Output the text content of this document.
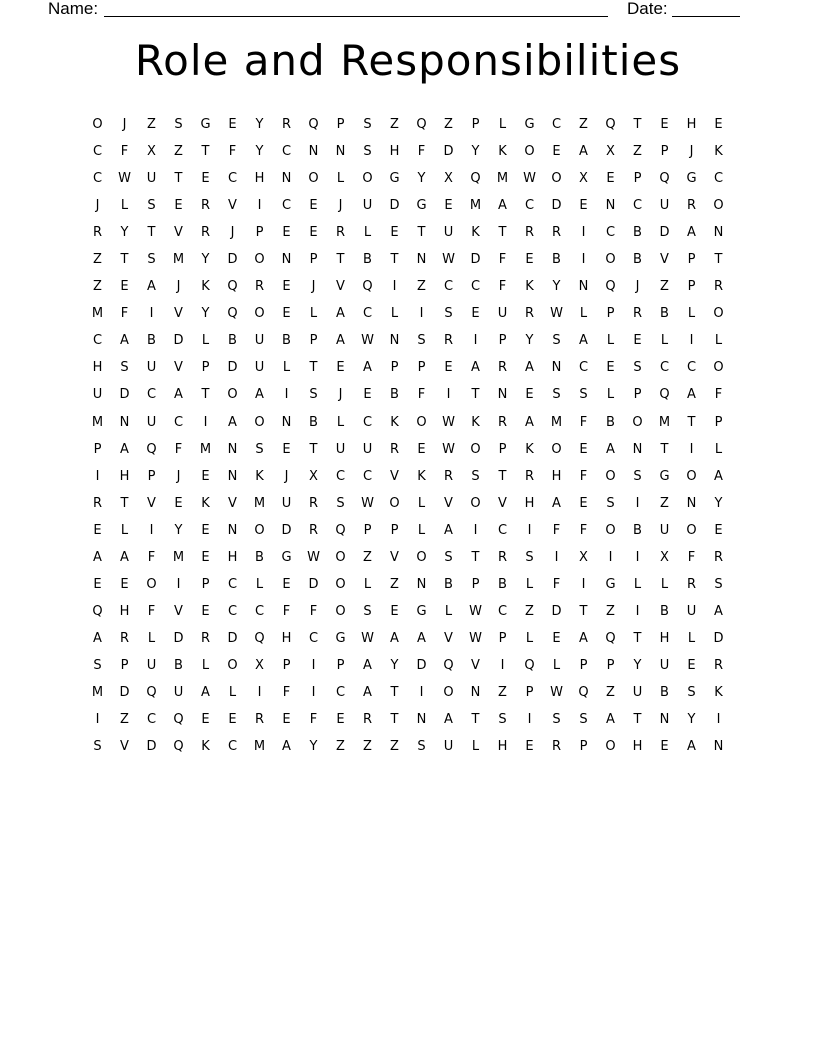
Name:	Date:
Role and Responsibilities
O	J	Z	S	G	E	Y	R	Q	P	S	Z	Q	Z	P	L	G	C	Z	Q	T	E	H	E
C	F	X	Z	T	F	Y	C	N	N	S	H	F	D	Y	K	O	E	A	X	Z	P	J	K
C	W	U	T	E	C	H	N	O	L	O	G	Y	X	Q	M	W	O	X	E	P	Q	G	C
J	L	S	E	R	V	I	C	E	J	U	D	G	E	M	A	C	D	E	N	C	U	R	O
R	Y	T	V	R	J	P	E	E	R	L	E	T	U	K	T	R	R	I	C	B	D	A	N
Z	T	S	M	Y	D	O	N	P	T	B	T	N	W	D	F	E	B	I	O	B	V	P	T
Z	E	A	J	K	Q	R	E	J	V	Q	I	Z	C	C	F	K	Y	N	Q	J	Z	P	R
M	F	I	V	Y	Q	O	E	L	A	C	L	I	S	E	U	R	W	L	P	R	B	L	O
C	A	B	D	L	B	U	B	P	A	W	N	S	R	I	P	Y	S	A	L	E	L	I	L
H	S	U	V	P	D	U	L	T	E	A	P	P	E	A	R	A	N	C	E	S	C	C	O
U	D	C	A	T	O	A	I	S	J	E	B	F	I	T	N	E	S	S	L	P	Q	A	F
M	N	U	C	I	A	O	N	B	L	C	K	O	W	K	R	A	M	F	B	O	M	T	P
P	A	Q	F	M	N	S	E	T	U	U	R	E	W	O	P	K	O	E	A	N	T	I	L
I	H	P	J	E	N	K	J	X	C	C	V	K	R	S	T	R	H	F	O	S	G	O	A
R	T	V	E	K	V	M	U	R	S	W	O	L	V	O	V	H	A	E	S	I	Z	N	Y
E	L	I	Y	E	N	O	D	R	Q	P	P	L	A	I	C	I	F	F	O	B	U	O	E
A	A	F	M	E	H	B	G	W	O	Z	V	O	S	T	R	S	I	X	I	I	X	F	R
E	E	O	I	P	C	L	E	D	O	L	Z	N	B	P	B	L	F	I	G	L	L	R	S
Q	H	F	V	E	C	C	F	F	O	S	E	G	L	W	C	Z	D	T	Z	I	B	U	A
A	R	L	D	R	D	Q	H	C	G	W	A	A	V	W	P	L	E	A	Q	T	H	L	D
S	P	U	B	L	O	X	P	I	P	A	Y	D	Q	V	I	Q	L	P	P	Y	U	E	R
M	D	Q	U	A	L	I	F	I	C	A	T	I	O	N	Z	P	W	Q	Z	U	B	S	K
I	Z	C	Q	E	E	R	E	F	E	R	T	N	A	T	S	I	S	S	A	T	N	Y	I
S	V	D	Q	K	C	M	A	Y	Z	Z	Z	S	U	L	H	E	R	P	O	H	E	A	N
